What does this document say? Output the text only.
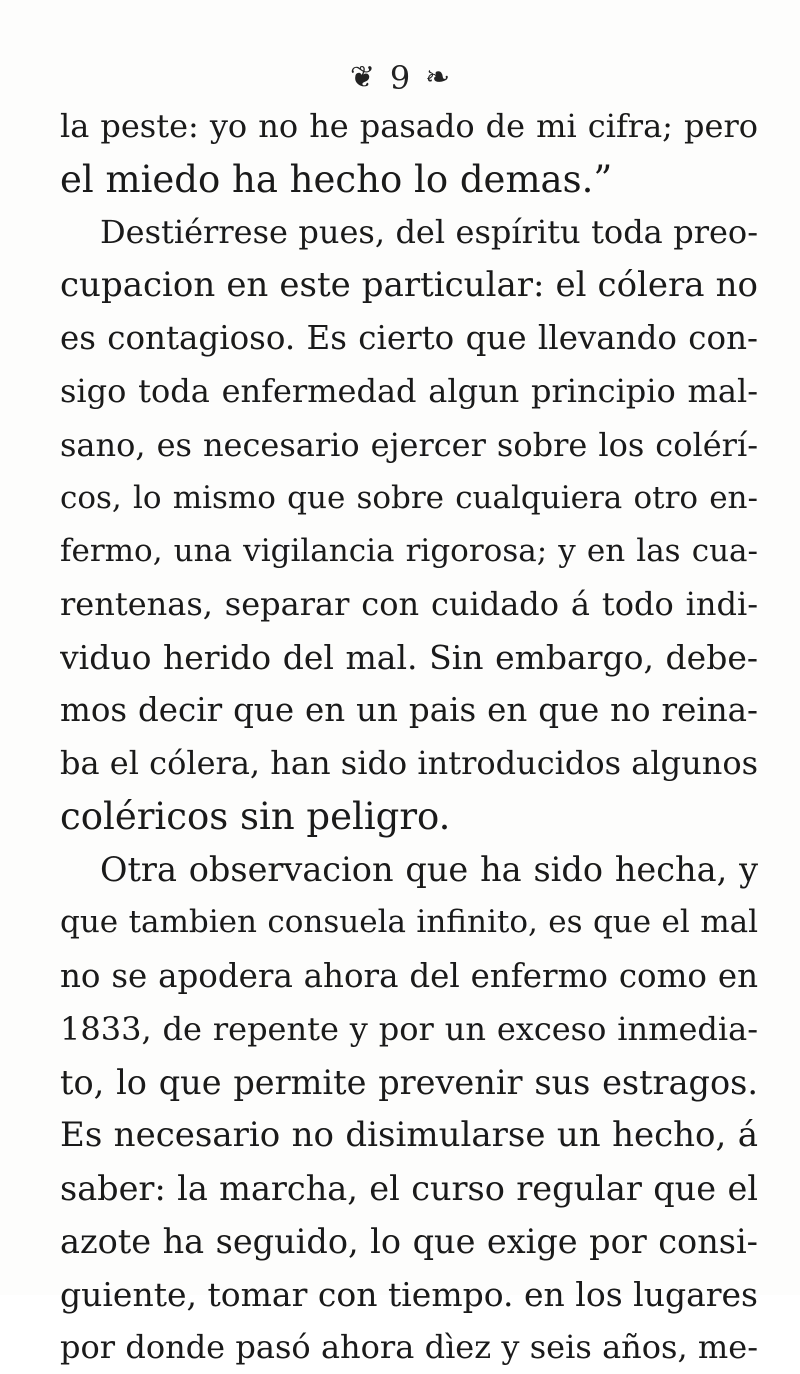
❦ 9 ❧
la peste: yo no he pasado de mi cifra; pero
el miedo ha hecho lo demas.”
Destiérrese pues, del espíritu toda preo-
cupacion en este particular: el cólera no
es contagioso. Es cierto que llevando con-
sigo toda enfermedad algun principio mal-
sano, es necesario ejercer sobre los colérí-
cos, lo mismo que sobre cualquiera otro en-
fermo, una vigilancia rigorosa; y en las cua-
rentenas, separar con cuidado á todo indi-
viduo herido del mal. Sin embargo, debe-
mos decir que en un pais en que no reina-
ba el cólera, han sido introducidos algunos
coléricos sin peligro.
Otra observacion que ha sido hecha, y
que tambien consuela infinito, es que el mal
no se apodera ahora del enfermo como en
1833, de repente y por un exceso inmedia-
to, lo que permite prevenir sus estragos.
Es necesario no disimularse un hecho, á
saber: la marcha, el curso regular que el
azote ha seguido, lo que exige por consi-
guiente, tomar con tiempo. en los lugares
por donde pasó ahora dìez y seis años, me-
